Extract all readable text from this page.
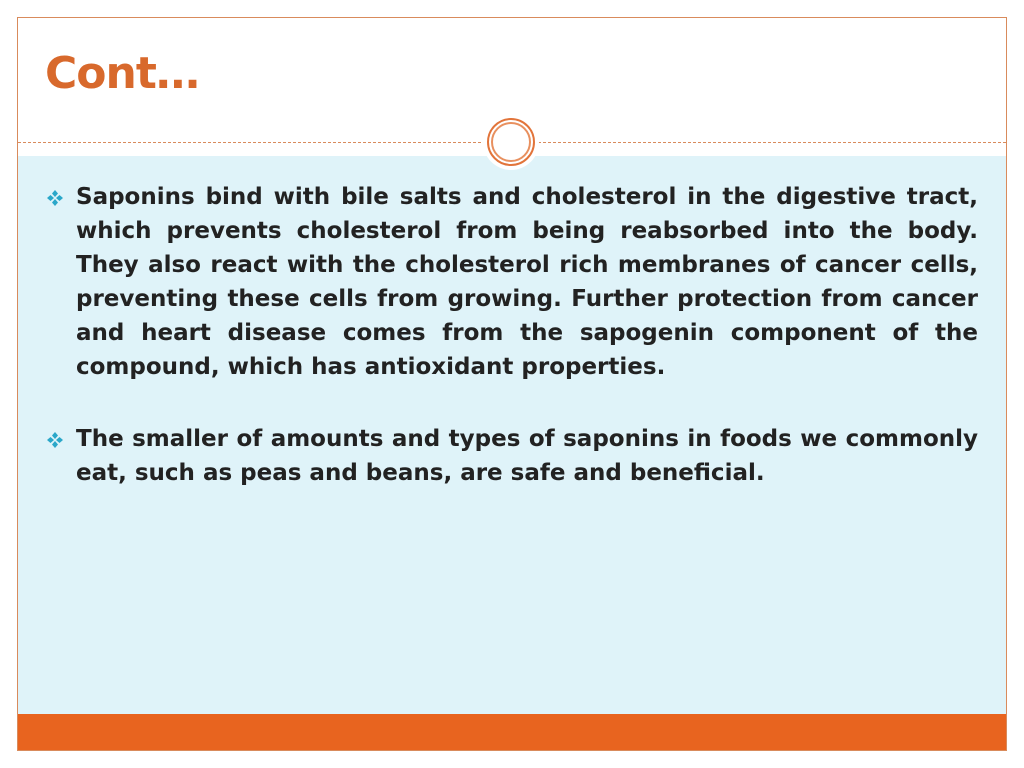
Cont…
Saponins bind with bile salts and cholesterol in the digestive tract, which prevents cholesterol from being reabsorbed into the body. They also react with the cholesterol rich membranes of cancer cells, preventing these cells from growing. Further protection from cancer and heart disease comes from the sapogenin component of the compound, which has antioxidant properties.
The smaller of amounts and types of saponins in foods we commonly eat, such as peas and beans, are safe and beneficial.
